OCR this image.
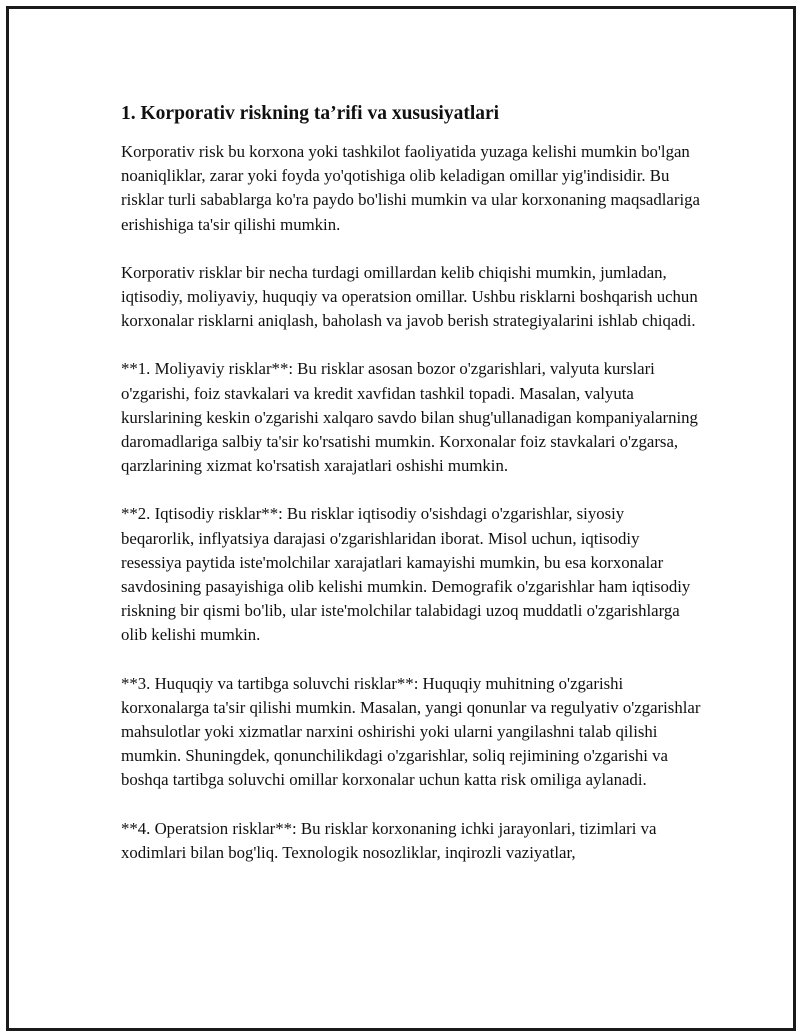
1. Korporativ riskning ta’rifi va xususiyatlari

Korporativ risk bu korxona yoki tashkilot faoliyatida yuzaga kelishi mumkin bo'lgan noaniqliklar, zarar yoki foyda yo'qotishiga olib keladigan omillar yig'indisidir. Bu risklar turli sabablarga ko'ra paydo bo'lishi mumkin va ular korxonaning maqsadlariga erishishiga ta'sir qilishi mumkin.

Korporativ risklar bir necha turdagi omillardan kelib chiqishi mumkin, jumladan, iqtisodiy, moliyaviy, huquqiy va operatsion omillar. Ushbu risklarni boshqarish uchun korxonalar risklarni aniqlash, baholash va javob berish strategiyalarini ishlab chiqadi.

**1. Moliyaviy risklar**: Bu risklar asosan bozor o'zgarishlari, valyuta kurslari o'zgarishi, foiz stavkalari va kredit xavfidan tashkil topadi. Masalan, valyuta kurslarining keskin o'zgarishi xalqaro savdo bilan shug'ullanadigan kompaniyalarning daromadlariga salbiy ta'sir ko'rsatishi mumkin. Korxonalar foiz stavkalari o'zgarsa, qarzlarining xizmat ko'rsatish xarajatlari oshishi mumkin.

**2. Iqtisodiy risklar**: Bu risklar iqtisodiy o'sishdagi o'zgarishlar, siyosiy beqarorlik, inflyatsiya darajasi o'zgarishlaridan iborat. Misol uchun, iqtisodiy resessiya paytida iste'molchilar xarajatlari kamayishi mumkin, bu esa korxonalar savdosining pasayishiga olib kelishi mumkin. Demografik o'zgarishlar ham iqtisodiy riskning bir qismi bo'lib, ular iste'molchilar talabidagi uzoq muddatli o'zgarishlarga olib kelishi mumkin.

**3. Huquqiy va tartibga soluvchi risklar**: Huquqiy muhitning o'zgarishi korxonalarga ta'sir qilishi mumkin. Masalan, yangi qonunlar va regulyativ o'zgarishlar mahsulotlar yoki xizmatlar narxini oshirishi yoki ularni yangilashni talab qilishi mumkin. Shuningdek, qonunchilikdagi o'zgarishlar, soliq rejimining o'zgarishi va boshqa tartibga soluvchi omillar korxonalar uchun katta risk omiliga aylanadi.

**4. Operatsion risklar**: Bu risklar korxonaning ichki jarayonlari, tizimlari va xodimlari bilan bog'liq. Texnologik nosozliklar, inqirozli vaziyatlar,
